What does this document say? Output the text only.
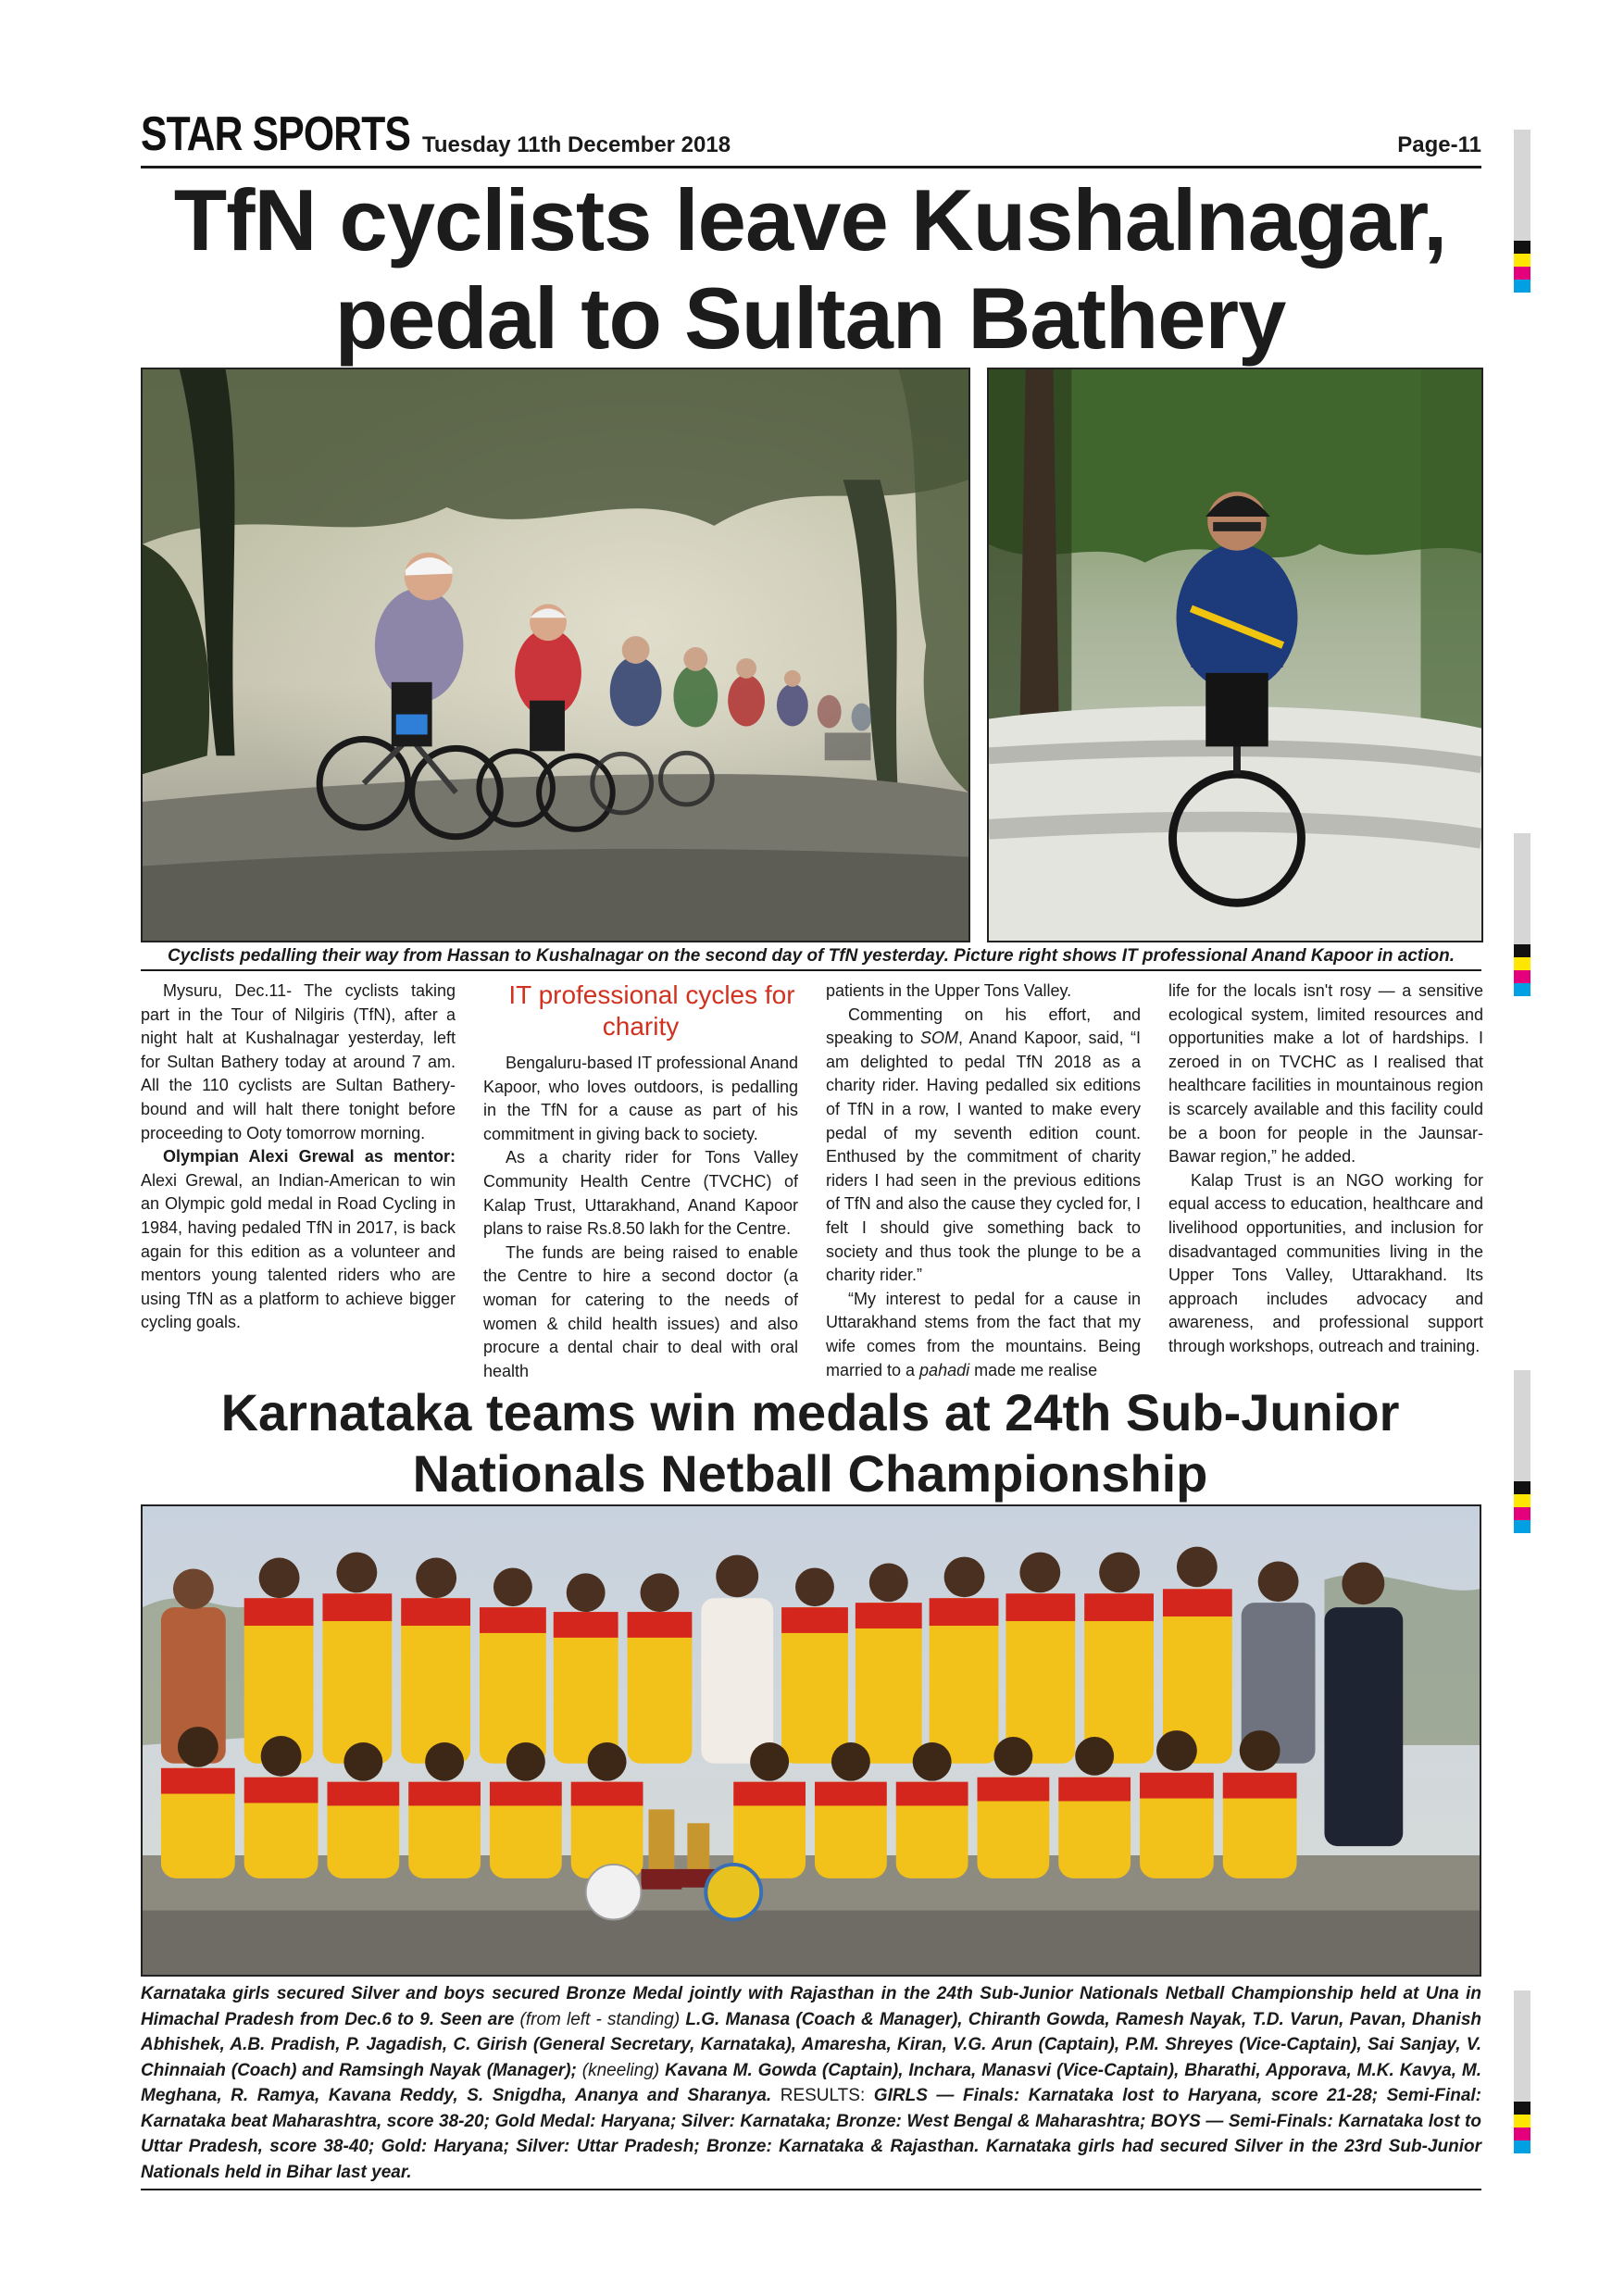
STAR SPORTS Tuesday 11th December 2018	Page-11
TfN cyclists leave Kushalnagar,
pedal to Sultan Bathery
Cyclists pedalling their way from Hassan to Kushalnagar on the second day of TfN yesterday. Picture right shows IT professional Anand Kapoor in action.

Mysuru, Dec.11- The cyclists taking part in the Tour of Nilgiris (TfN), after a night halt at Kushalnagar yesterday, left for Sultan Bathery today at around 7 am. All the 110 cyclists are Sultan Bathery-bound and will halt there tonight before proceeding to Ooty tomorrow morning.

Olympian Alexi Grewal as mentor: Alexi Grewal, an Indian-American to win an Olympic gold medal in Road Cycling in 1984, having pedaled TfN in 2017, is back again for this edition as a volunteer and mentors young talented riders who are using TfN as a platform to achieve bigger cycling goals.

IT professional cycles for charity

Bengaluru-based IT professional Anand Kapoor, who loves outdoors, is pedalling in the TfN for a cause as part of his commitment in giving back to society.

As a charity rider for Tons Valley Community Health Centre (TVCHC) of Kalap Trust, Uttarakhand, Anand Kapoor plans to raise Rs.8.50 lakh for the Centre.

The funds are being raised to enable the Centre to hire a second doctor (a woman for catering to the needs of women & child health issues) and also procure a dental chair to deal with oral health

patients in the Upper Tons Valley.

Commenting on his effort, and speaking to SOM, Anand Kapoor, said, “I am delighted to pedal TfN 2018 as a charity rider. Having pedalled six editions of TfN in a row, I wanted to make every pedal of my seventh edition count. Enthused by the commitment of charity riders I had seen in the previous editions of TfN and also the cause they cycled for, I felt I should give something back to society and thus took the plunge to be a charity rider.”

“My interest to pedal for a cause in Uttarakhand stems from the fact that my wife comes from the mountains. Being married to a pahadi made me realise

life for the locals isn't rosy — a sensitive ecological system, limited resources and opportunities make a lot of hardships. I zeroed in on TVCHC as I realised that healthcare facilities in mountainous region is scarcely available and this facility could be a boon for people in the Jaunsar-Bawar region,” he added.

Kalap Trust is an NGO working for equal access to education, healthcare and livelihood opportunities, and inclusion for disadvantaged communities living in the Upper Tons Valley, Uttarakhand. Its approach includes advocacy and awareness, and professional support through workshops, outreach and training.

Karnataka teams win medals at 24th Sub-Junior
Nationals Netball Championship
Karnataka girls secured Silver and boys secured Bronze Medal jointly with Rajasthan in the 24th Sub-Junior Nationals Netball Championship held at Una in Himachal Pradesh from Dec.6 to 9. Seen are (from left - standing) L.G. Manasa (Coach & Manager), Chiranth Gowda, Ramesh Nayak, T.D. Varun, Pavan, Dhanish Abhishek, A.B. Pradish, P. Jagadish, C. Girish (General Secretary, Karnataka), Amaresha, Kiran, V.G. Arun (Captain), P.M. Shreyes (Vice-Captain), Sai Sanjay, V. Chinnaiah (Coach) and Ramsingh Nayak (Manager); (kneeling) Kavana M. Gowda (Captain), Inchara, Manasvi (Vice-Captain), Bharathi, Apporava, M.K. Kavya, M. Meghana, R. Ramya, Kavana Reddy, S. Snigdha, Ananya and Sharanya. RESULTS: GIRLS — Finals: Karnataka lost to Haryana, score 21-28; Semi-Final: Karnataka beat Maharashtra, score 38-20; Gold Medal: Haryana; Silver: Karnataka; Bronze: West Bengal & Maharashtra; BOYS — Semi-Finals: Karnataka lost to Uttar Pradesh, score 38-40; Gold: Haryana; Silver: Uttar Pradesh; Bronze: Karnataka & Rajasthan. Karnataka girls had secured Silver in the 23rd Sub-Junior Nationals held in Bihar last year.
